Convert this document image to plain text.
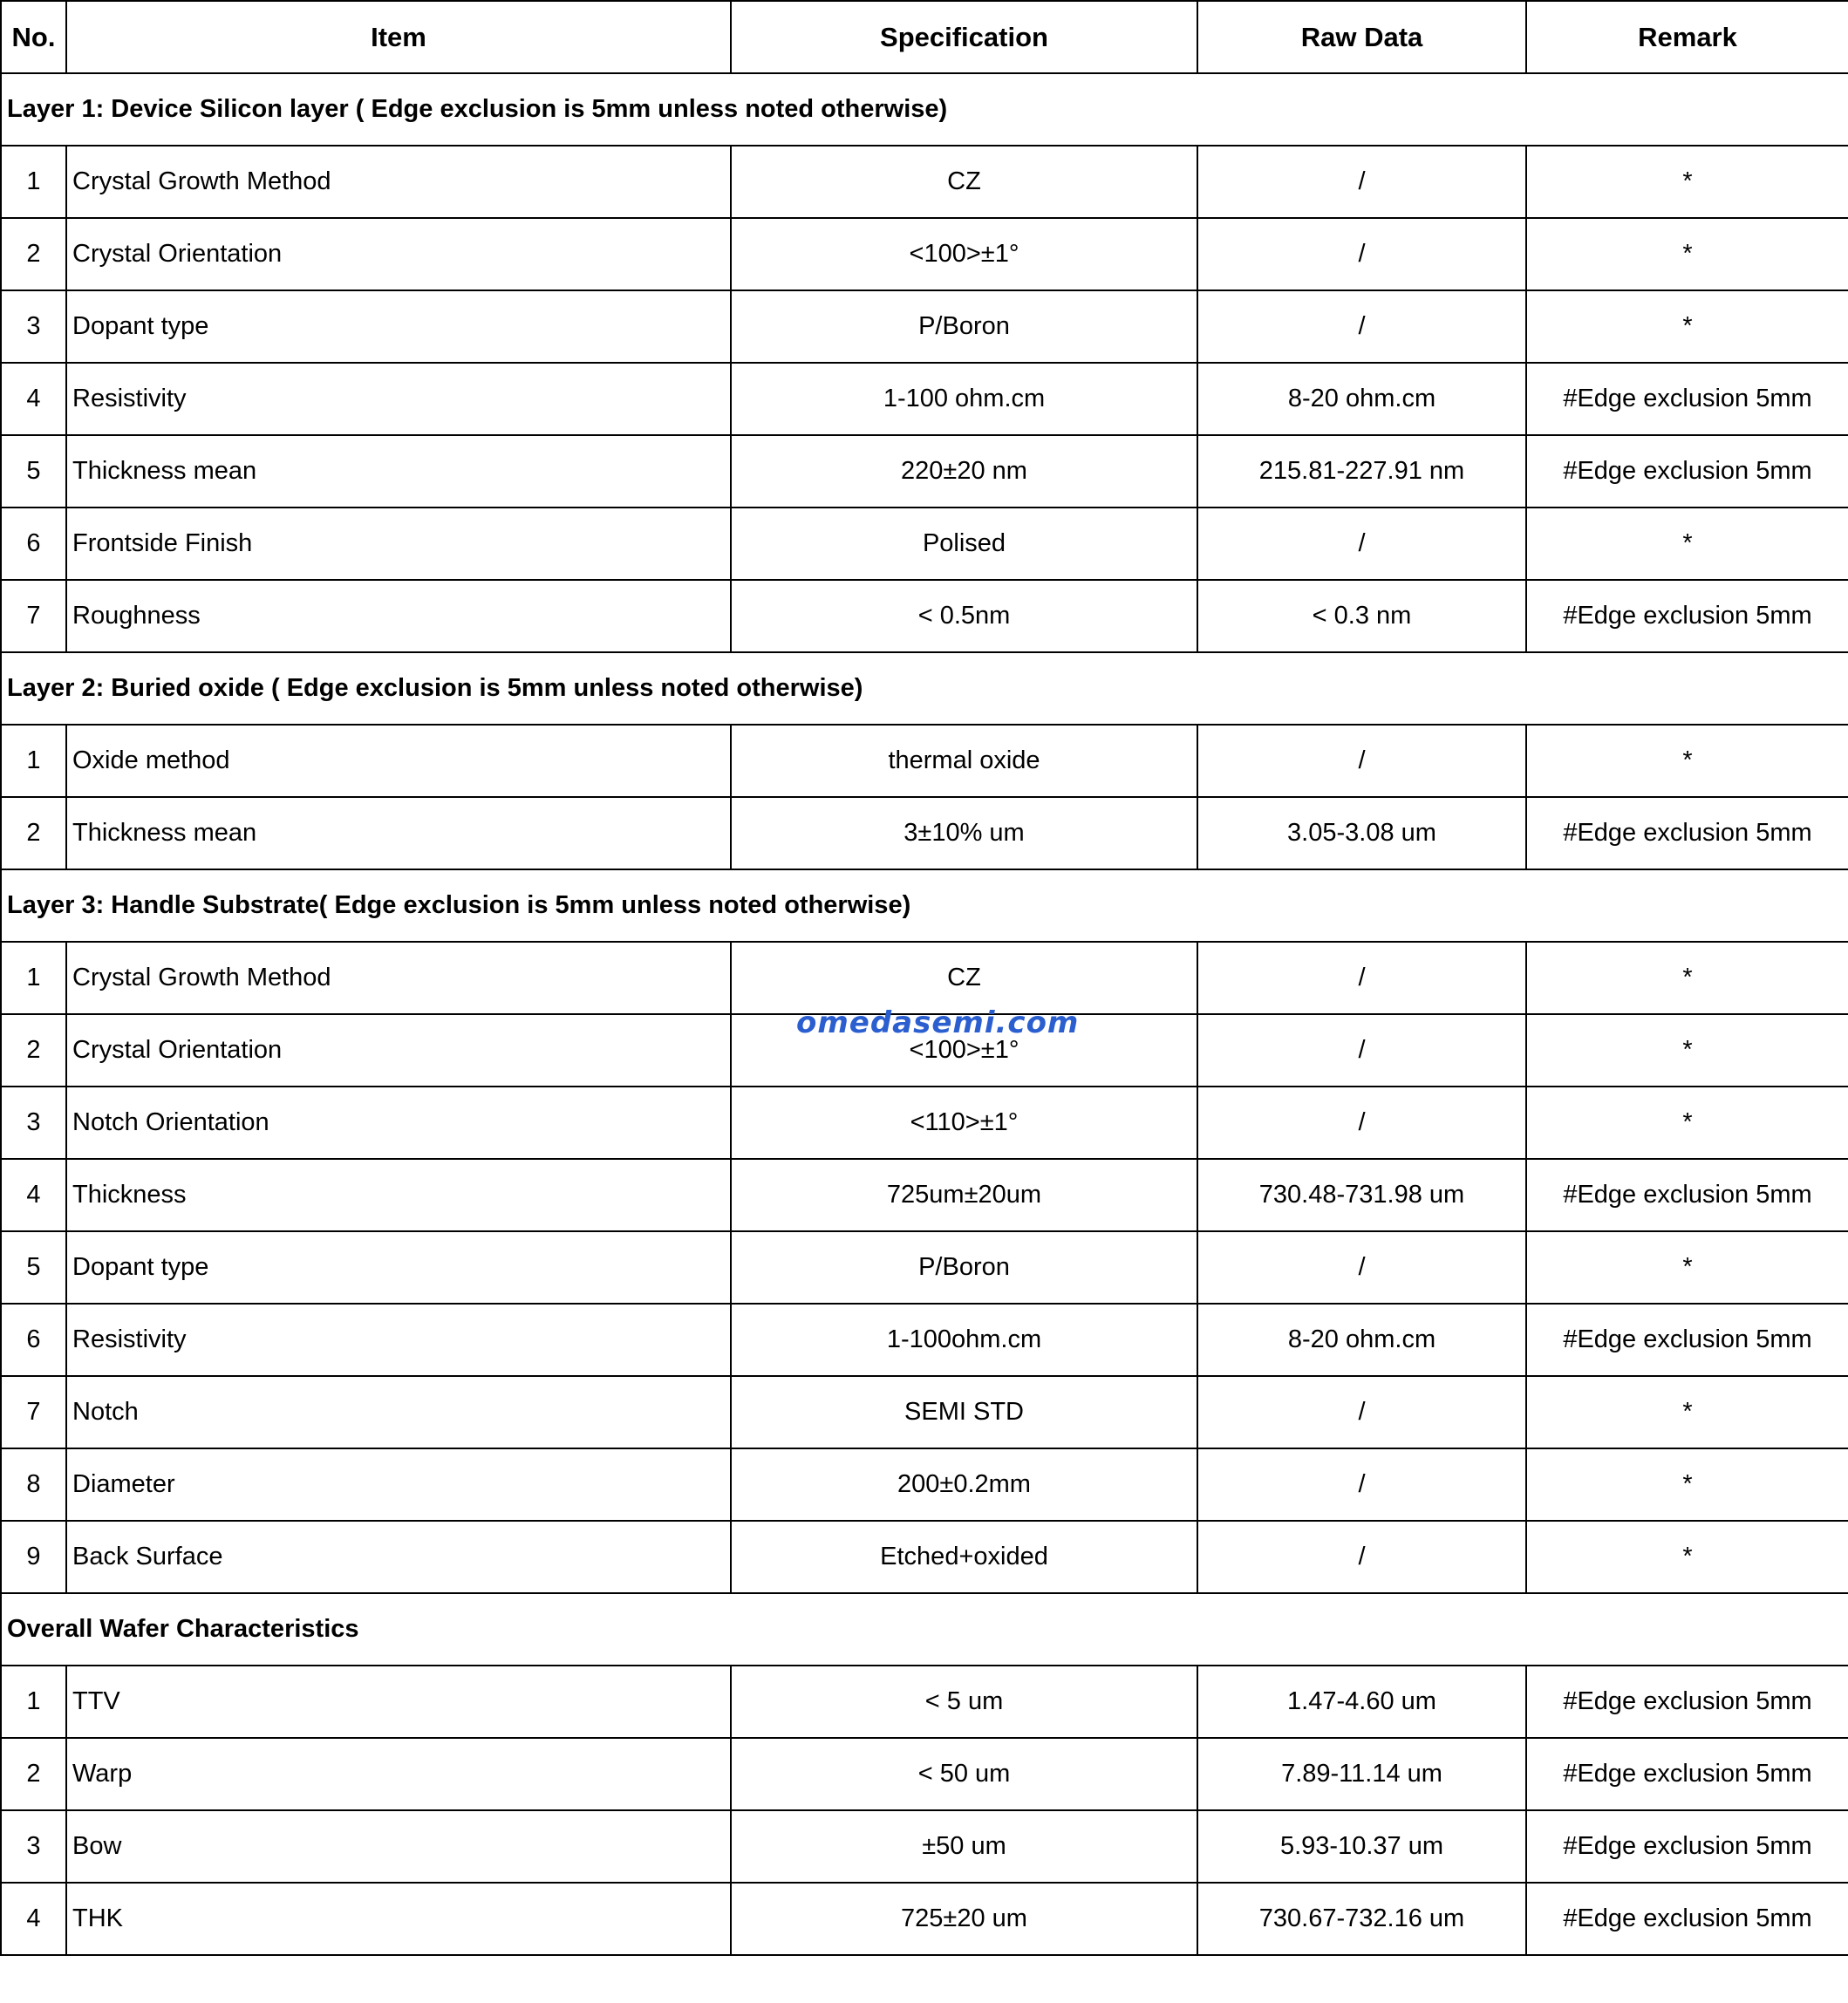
No.	Item	Specification	Raw Data	Remark
Layer 1: Device Silicon layer ( Edge exclusion is 5mm unless noted otherwise)				
1	Crystal Growth Method	CZ	/	*
2	Crystal Orientation	<100>±1°	/	*
3	Dopant type	P/Boron	/	*
4	Resistivity	1-100 ohm.cm	8-20 ohm.cm	#Edge exclusion 5mm
5	Thickness mean	220±20 nm	215.81-227.91 nm	#Edge exclusion 5mm
6	Frontside Finish	Polised	/	*
7	Roughness	< 0.5nm	< 0.3 nm	#Edge exclusion 5mm
Layer 2: Buried oxide ( Edge exclusion is 5mm unless noted otherwise)				
1	Oxide method	thermal oxide	/	*
2	Thickness mean	3±10% um	3.05-3.08 um	#Edge exclusion 5mm
Layer 3: Handle Substrate( Edge exclusion is 5mm unless noted otherwise)				
1	Crystal Growth Method	CZ	/	*
2	Crystal Orientation	<100>±1°	/	*
3	Notch Orientation	<110>±1°	/	*
4	Thickness	725um±20um	730.48-731.98 um	#Edge exclusion 5mm
5	Dopant type	P/Boron	/	*
6	Resistivity	1-100ohm.cm	8-20 ohm.cm	#Edge exclusion 5mm
7	Notch	SEMI STD	/	*
8	Diameter	200±0.2mm	/	*
9	Back Surface	Etched+oxided	/	*
Overall Wafer Characteristics				
1	TTV	< 5 um	1.47-4.60 um	#Edge exclusion 5mm
2	Warp	< 50 um	7.89-11.14 um	#Edge exclusion 5mm
3	Bow	±50 um	5.93-10.37 um	#Edge exclusion 5mm
4	THK	725±20 um	730.67-732.16 um	#Edge exclusion 5mm
omedasemi.com
